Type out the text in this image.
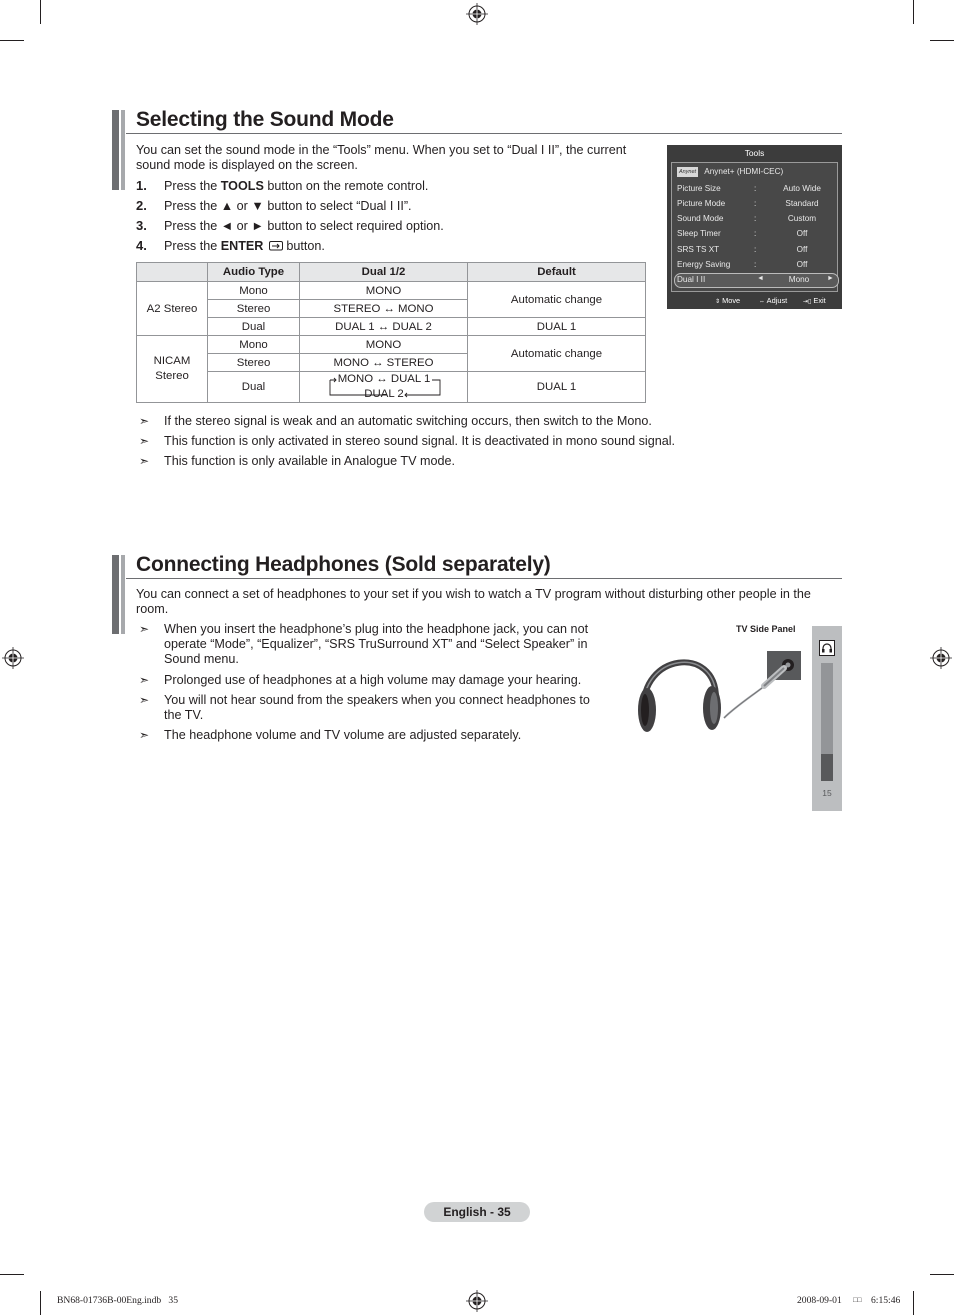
Selecting the Sound Mode
You can set the sound mode in the “Tools” menu. When you set to “Dual I II”, the current sound mode is displayed on the screen.
1. Press the TOOLS button on the remote control.
2. Press the ▲ or ▼ button to select “Dual I II”.
3. Press the ◄ or ► button to select required option.
4. Press the ENTER  button.
	Audio Type	Dual 1/2	Default
A2 Stereo	Mono	MONO	Automatic change
	Stereo	STEREO ↔ MONO	
	Dual	DUAL 1 ↔ DUAL 2	DUAL 1
NICAM
Stereo	Mono	MONO	Automatic change
	Stereo	MONO ↔ STEREO	
	Dual	MONO ↔ DUAL 1
DUAL 2	DUAL 1
➣ If the stereo signal is weak and an automatic switching occurs, then switch to the Mono.
➣ This function is only activated in stereo sound signal. It is deactivated in mono sound signal.
➣ This function is only available in Analogue TV mode.
Tools
Anynet Anynet+ (HDMI-CEC)
Picture Size	:	Auto Wide
Picture Mode	:	Standard
Sound Mode	:	Custom
Sleep Timer	:	Off
SRS TS XT	:	Off
Energy Saving	:	Off
Dual I II	◄	Mono	►
⇕ Move	⇔ Adjust	⇥▯ Exit
Connecting Headphones (Sold separately)
You can connect a set of headphones to your set if you wish to watch a TV program without disturbing other people in the room.
➣ When you insert the headphone’s plug into the headphone jack, you can not operate “Mode”, “Equalizer”, “SRS TruSurround XT” and “Select Speaker” in Sound menu.
➣ Prolonged use of headphones at a high volume may damage your hearing.
➣ You will not hear sound from the speakers when you connect headphones to the TV.
➣ The headphone volume and TV volume are adjusted separately.
TV Side Panel
15
English - 35
BN68-01736B-00Eng.indb   35	2008-09-01 □□ 6:15:46
